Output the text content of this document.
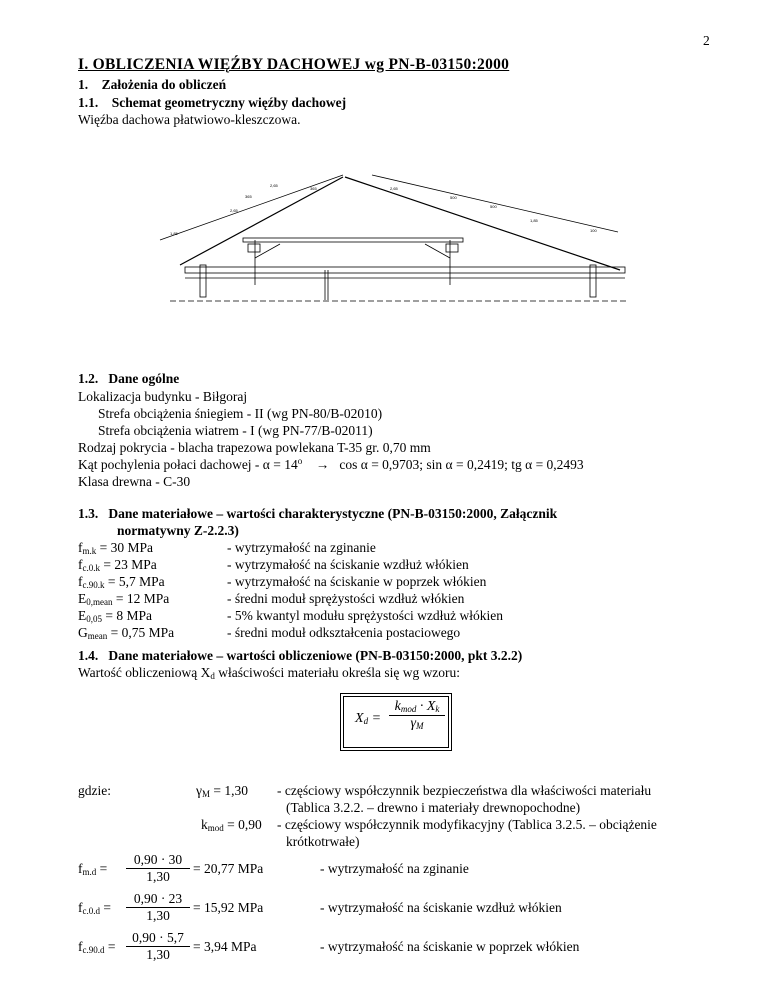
2
I. OBLICZENIA WIĘŹBY DACHOWEJ wg PN-B-03150:2000
1. Założenia do obliczeń
1.1. Schemat geometryczny więźby dachowej
Więźba dachowa płatwiowo-kleszczowa.
1,85
2,65
365	2,65
1,85
365
2,65
500
100
500
1.2. Dane ogólne
Lokalizacja budynku - Biłgoraj
Strefa obciążenia śniegiem - II (wg PN-80/B-02010)
Strefa obciążenia wiatrem - I (wg PN-77/B-02011)
Rodzaj pokrycia - blacha trapezowa powlekana T-35 gr. 0,70 mm
Kąt pochylenia połaci dachowej - $\alpha = 14^o \to \cos \alpha = 0,9703$; sin α = 0,2419; tg α = 0,2493
Klasa drewna - C-30
1.3. Dane materiałowe – wartości charakterystyczne (PN-B-03150:2000, Załącznik
normatywny Z-2.2.3)
$f_{m.k} = 30$ MPa	- wytrzymałość na zginanie
$f_{c.0.k} = 23$ MPa	- wytrzymałość na ściskanie wzdłuż włókien
$f_{c.90.k} = 5,7$ MPa	- wytrzymałość na ściskanie w poprzek włókien
$E_{0,mean} = 12$ MPa	- średni moduł sprężystości wzdłuż włókien
$E_{0,05} = 8$ MPa	- 5% kwantyl modułu sprężystości wzdłuż włókien
$G_{mean} = 0,75$ MPa	- średni moduł odkształcenia postaciowego
1.4. Dane materiałowe – wartości obliczeniowe (PN-B-03150:2000, pkt 3.2.2)
Wartość obliczeniową $X_d$ właściwości materiału określa się wg wzoru:
$X_d$ =
$k_{mod} \cdot X_k$
$\gamma_M$
gdzie:	$\gamma_M = 1,30$ - częściowy współczynnik bezpieczeństwa dla właściwości materiału
(Tablica 3.2.2. – drewno i materiały drewnopochodne)
$k_{mod} = 0,90$ - częściowy współczynnik modyfikacyjny (Tablica 3.2.5. – obciążenie
krótkotrwałe)
$f_{m.d}$ =
0,90 · 30
1,30
= 20,77 MPa	- wytrzymałość na zginanie
$f_{c.0.d}$ =
0,90 · 23
1,30
= 15,92 MPa	- wytrzymałość na ściskanie wzdłuż włókien
$f_{c.90.d}$ =
0,90 · 5,7
1,30
= 3,94 MPa	- wytrzymałość na ściskanie w poprzek włókien
